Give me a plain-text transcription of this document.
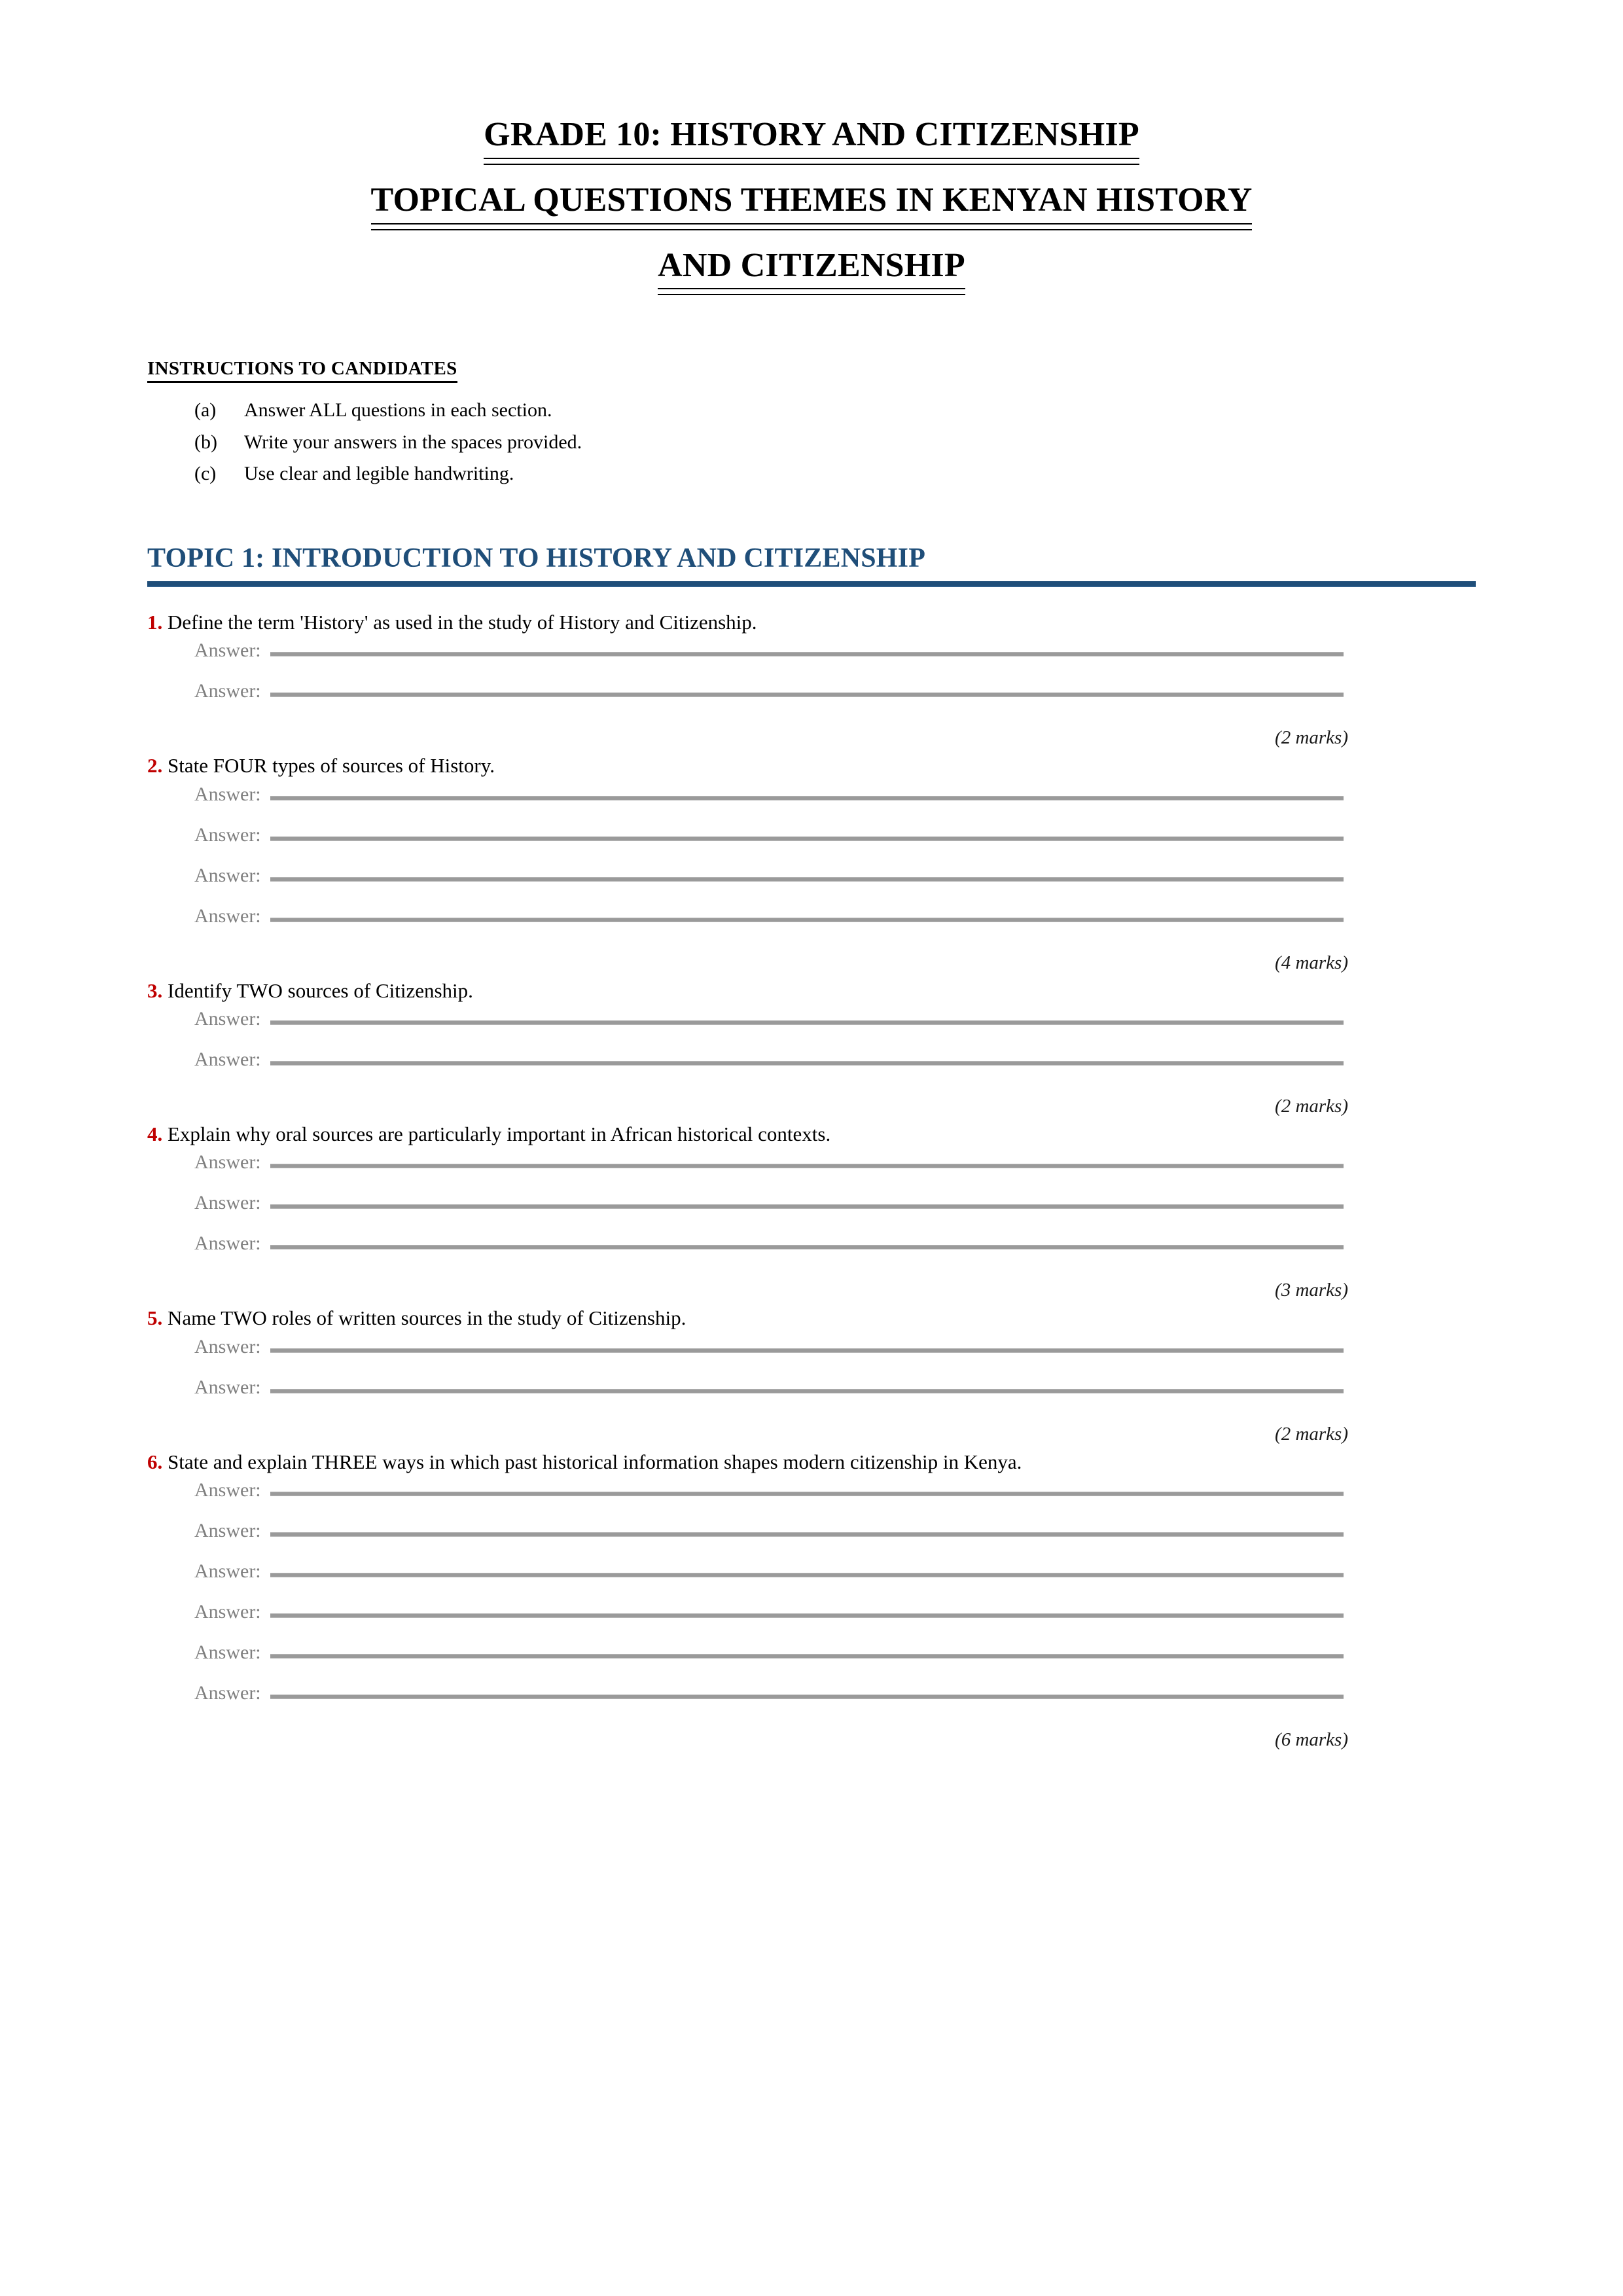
GRADE 10: HISTORY AND CITIZENSHIP
TOPICAL QUESTIONS THEMES IN KENYAN HISTORY
AND CITIZENSHIP
INSTRUCTIONS TO CANDIDATES
(a)	Answer ALL questions in each section.
(b)	Write your answers in the spaces provided.
(c)	Use clear and legible handwriting.
TOPIC 1: INTRODUCTION TO HISTORY AND CITIZENSHIP

1. Define the term 'History' as used in the study of History and Citizenship.

Answer:
Answer:
(2 marks)

2. State FOUR types of sources of History.

Answer:
Answer:
Answer:
Answer:
(4 marks)

3. Identify TWO sources of Citizenship.

Answer:
Answer:
(2 marks)

4. Explain why oral sources are particularly important in African historical contexts.

Answer:
Answer:
Answer:
(3 marks)

5. Name TWO roles of written sources in the study of Citizenship.

Answer:
Answer:
(2 marks)

6. State and explain THREE ways in which past historical information shapes modern citizenship in Kenya.

Answer:
Answer:
Answer:
Answer:
Answer:
Answer:
(6 marks)
